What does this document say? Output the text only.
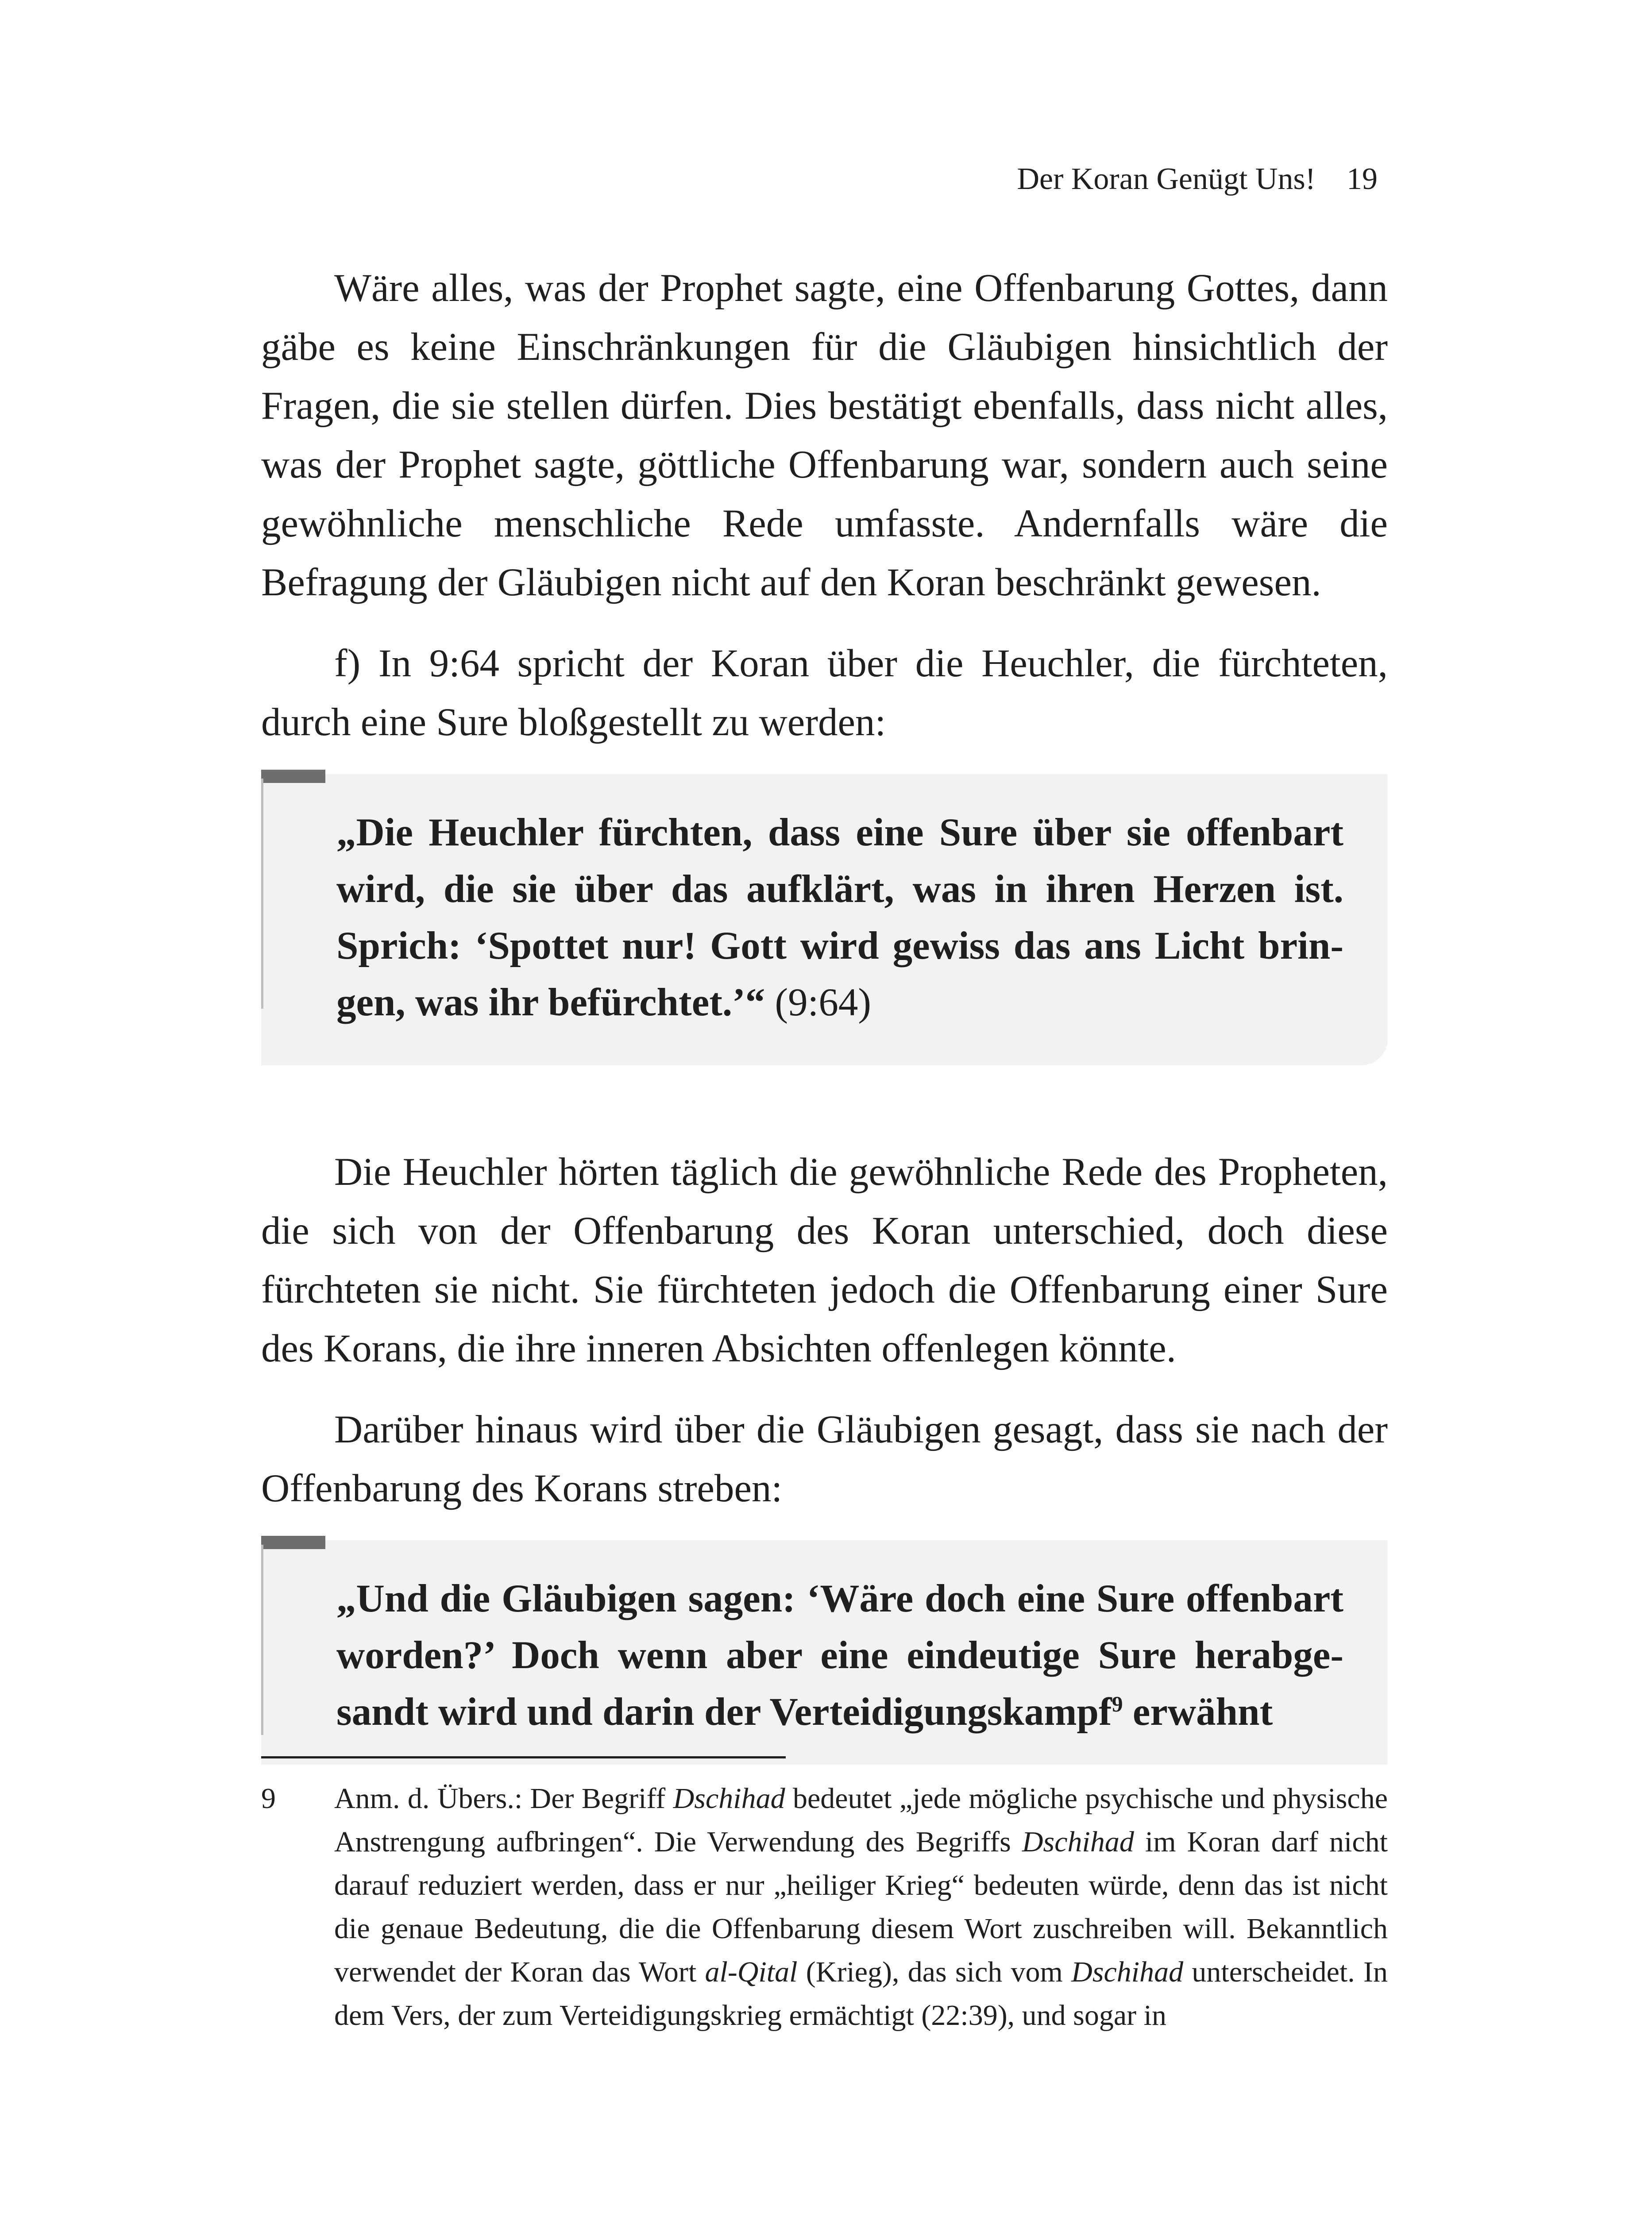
Der Koran Genügt Uns! 19

Wäre alles, was der Prophet sagte, eine Offenbarung Gottes, dann gäbe es keine Einschränkungen für die Gläubigen hinsichtlich der Fragen, die sie stellen dürfen. Dies bestätigt ebenfalls, dass nicht alles, was der Prophet sagte, göttliche Offenbarung war, sondern auch seine gewöhnliche menschliche Rede umfasste. Andernfalls wäre die Befragung der Gläubigen nicht auf den Koran beschränkt gewesen.

f) In 9:64 spricht der Koran über die Heuchler, die fürchteten, durch eine Sure bloßgestellt zu werden:

„Die Heuchler fürchten, dass eine Sure über sie offenbart wird, die sie über das aufklärt, was in ihren Herzen ist. Sprich: ‘Spottet nur! Gott wird gewiss das ans Licht bringen, was ihr befürchtet.’“ (9:64)

Die Heuchler hörten täglich die gewöhnliche Rede des Propheten, die sich von der Offenbarung des Koran unterschied, doch diese fürchteten sie nicht. Sie fürchteten jedoch die Offenbarung einer Sure des Korans, die ihre inneren Absichten offenlegen könnte.

Darüber hinaus wird über die Gläubigen gesagt, dass sie nach der Offenbarung des Korans streben:

„Und die Gläubigen sagen: ‘Wäre doch eine Sure offenbart worden?’ Doch wenn aber eine eindeutige Sure herabgesandt wird und darin der Verteidigungskampf$^9$ erwähnt

9 Anm. d. Übers.: Der Begriff Dschihad bedeutet „jede mögliche psychische und physische Anstrengung aufbringen“. Die Verwendung des Begriffs Dschihad im Koran darf nicht darauf reduziert werden, dass er nur „heiliger Krieg“ bedeuten würde, denn das ist nicht die genaue Bedeutung, die die Offenbarung diesem Wort zuschreiben will. Bekanntlich verwendet der Koran das Wort al-Qital (Krieg), das sich vom Dschihad unterscheidet. In dem Vers, der zum Verteidigungskrieg ermächtigt (22:39), und sogar in
